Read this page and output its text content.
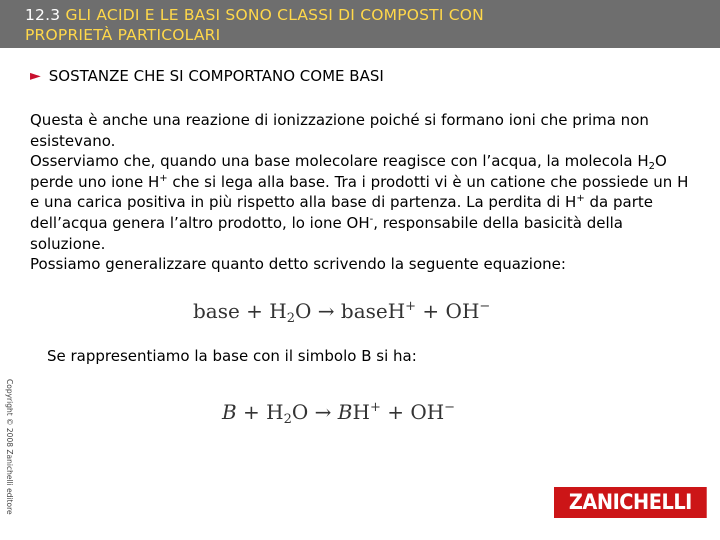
12.3 GLI ACIDI E LE BASI SONO CLASSI DI COMPOSTI CON
PROPRIETÀ PARTICOLARI
► SOSTANZE CHE SI COMPORTANO COME BASI

Questa è anche una reazione di ionizzazione poiché si formano ioni che prima non esistevano.

Osserviamo che, quando una base molecolare reagisce con l’acqua, la molecola $H_2O$ perde uno ione H+ che si lega alla base. Tra i prodotti vi è un catione che possiede un H e una carica positiva in più rispetto alla base di partenza. La perdita di H+ da parte dell’acqua genera l’altro prodotto, lo ione OH-, responsabile della basicità della soluzione.

Possiamo generalizzare quanto detto scrivendo la seguente equazione:

base + $H_2O$ → baseH+ + OH−
Se rappresentiamo la base con il simbolo B si ha:
$B + H_2O \to BH^+ + OH^-$
Copyright © 2008 Zanichelli editore	ZANICHELLI
